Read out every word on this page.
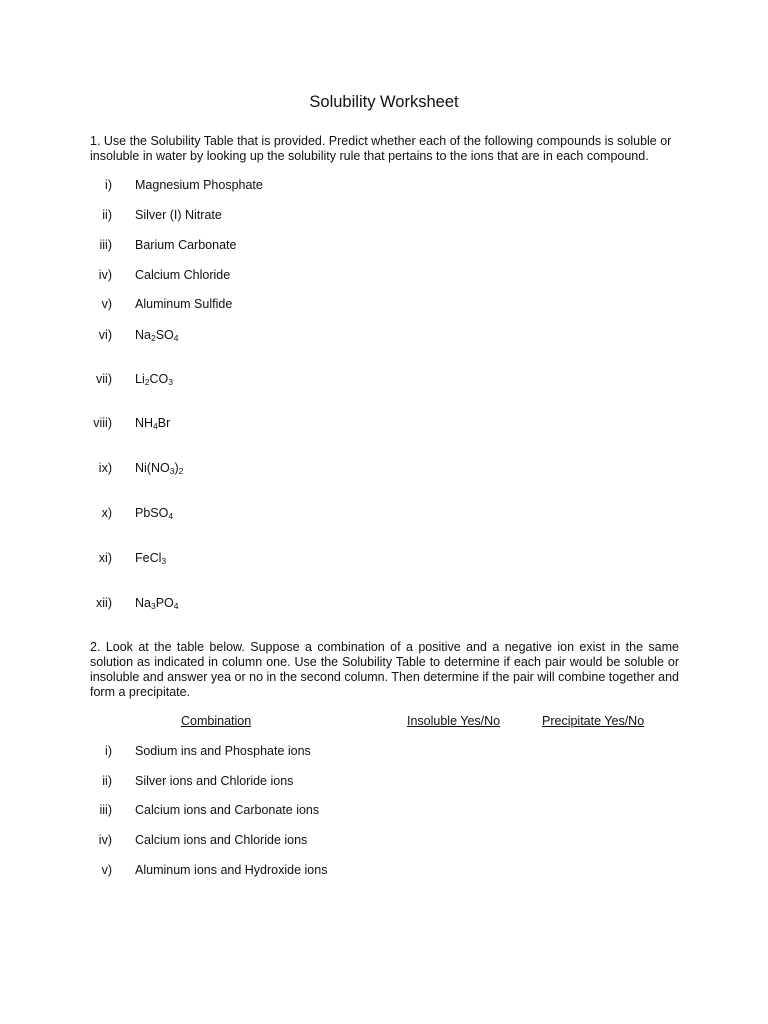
Solubility Worksheet
1. Use the Solubility Table that is provided. Predict whether each of the following compounds is soluble or insoluble in water by looking up the solubility rule that pertains to the ions that are in each compound.
i) Magnesium Phosphate
ii) Silver (I) Nitrate
iii) Barium Carbonate
iv) Calcium Chloride
v) Aluminum Sulfide
vi) $Na_2SO_4$
vii) $Li_2CO_3$
viii) $NH_4Br$
ix) $Ni(NO_3)_2$
x) PbSO$_4$
xi) FeCl$_3$
xii) $Na_3PO_4$
2. Look at the table below. Suppose a combination of a positive and a negative ion exist in the same solution as indicated in column one. Use the Solubility Table to determine if each pair would be soluble or insoluble and answer yea or no in the second column. Then determine if the pair will combine together and form a precipitate.
Combination	Insoluble Yes/No	Precipitate Yes/No
i) Sodium ins and Phosphate ions
ii) Silver ions and Chloride ions
iii) Calcium ions and Carbonate ions
iv) Calcium ions and Chloride ions
v) Aluminum ions and Hydroxide ions
